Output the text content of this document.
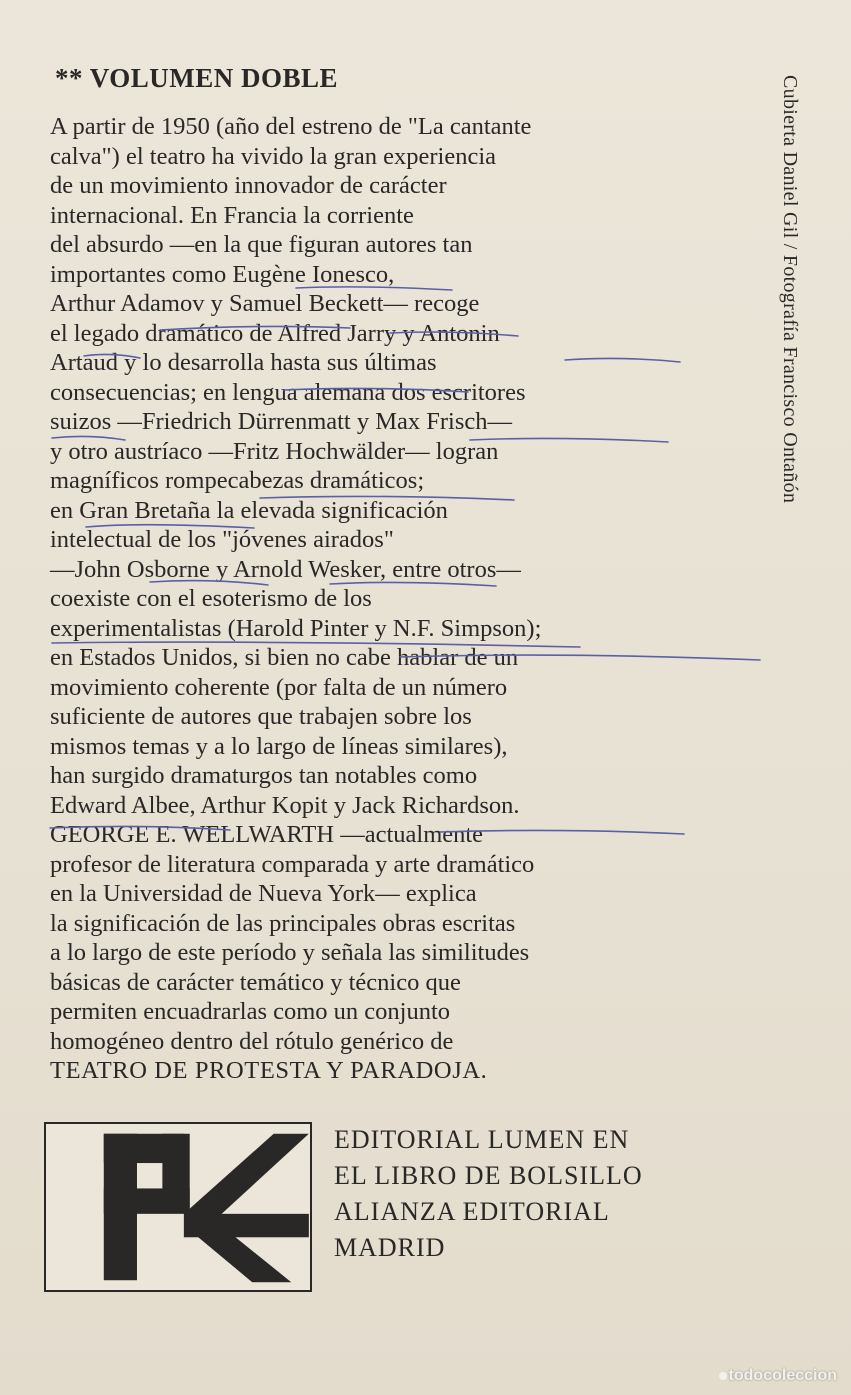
** VOLUMEN DOBLE
A partir de 1950 (año del estreno de "La cantante
calva") el teatro ha vivido la gran experiencia
de un movimiento innovador de carácter
internacional. En Francia la corriente
del absurdo —en la que figuran autores tan
importantes como Eugène Ionesco,
Arthur Adamov y Samuel Beckett— recoge
el legado dramático de Alfred Jarry y Antonin
Artaud y lo desarrolla hasta sus últimas
consecuencias; en lengua alemana dos escritores
suizos —Friedrich Dürrenmatt y Max Frisch—
y otro austríaco —Fritz Hochwälder— logran
magníficos rompecabezas dramáticos;
en Gran Bretaña la elevada significación
intelectual de los "jóvenes airados"
—John Osborne y Arnold Wesker, entre otros—
coexiste con el esoterismo de los
experimentalistas (Harold Pinter y N.F. Simpson);
en Estados Unidos, si bien no cabe hablar de un
movimiento coherente (por falta de un número
suficiente de autores que trabajen sobre los
mismos temas y a lo largo de líneas similares),
han surgido dramaturgos tan notables como
Edward Albee, Arthur Kopit y Jack Richardson.
GEORGE E. WELLWARTH —actualmente
profesor de literatura comparada y arte dramático
en la Universidad de Nueva York— explica
la significación de las principales obras escritas
a lo largo de este período y señala las similitudes
básicas de carácter temático y técnico que
permiten encuadrarlas como un conjunto
homogéneo dentro del rótulo genérico de
TEATRO DE PROTESTA Y PARADOJA.
Cubierta Daniel Gil / Fotografía Francisco Ontañón
EDITORIAL LUMEN EN
EL LIBRO DE BOLSILLO
ALIANZA EDITORIAL
MADRID
todocoleccion
